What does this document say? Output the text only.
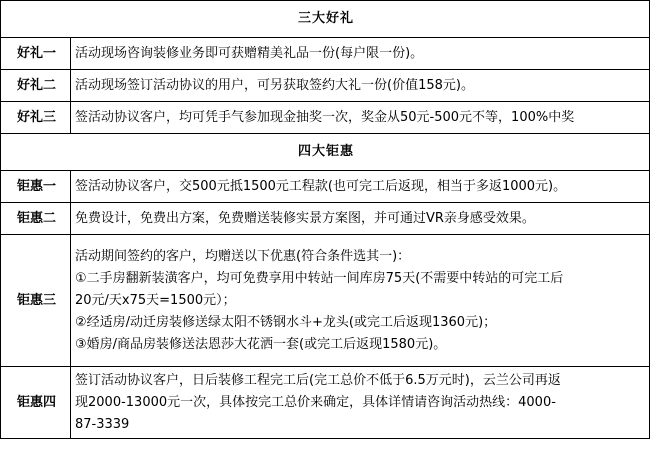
三大好礼	
好礼一	活动现场咨询装修业务即可获赠精美礼品一份(每户限一份)。
好礼二	活动现场签订活动协议的用户，可另获取签约大礼一份(价值158元)。
好礼三	签活动协议客户，均可凭手气参加现金抽奖一次，奖金从50元-500元不等，100%中奖
四大钜惠	
钜惠一	签活动协议客户，交500元抵1500元工程款(也可完工后返现，相当于多返1000元)。
钜惠二	免费设计，免费出方案，免费赠送装修实景方案图，并可通过VR亲身感受效果。
钜惠三	活动期间签约的客户，均赠送以下优惠(符合条件选其一)：
①二手房翻新装潢客户，均可免费享用中转站一间库房75天(不需要中转站的可完工后
20元/天x75天=1500元）；
②经适房/动迁房装修送绿太阳不锈钢水斗+龙头(或完工后返现1360元)；
③婚房/商品房装修送法恩莎大花洒一套(或完工后返现1580元)。

钜惠四	签订活动协议客户，日后装修工程完工后(完工总价不低于6.5万元时)，云兰公司再返
现2000-13000元一次，具体按完工总价来确定，具体详情请咨询活动热线：4000-
87-3339
